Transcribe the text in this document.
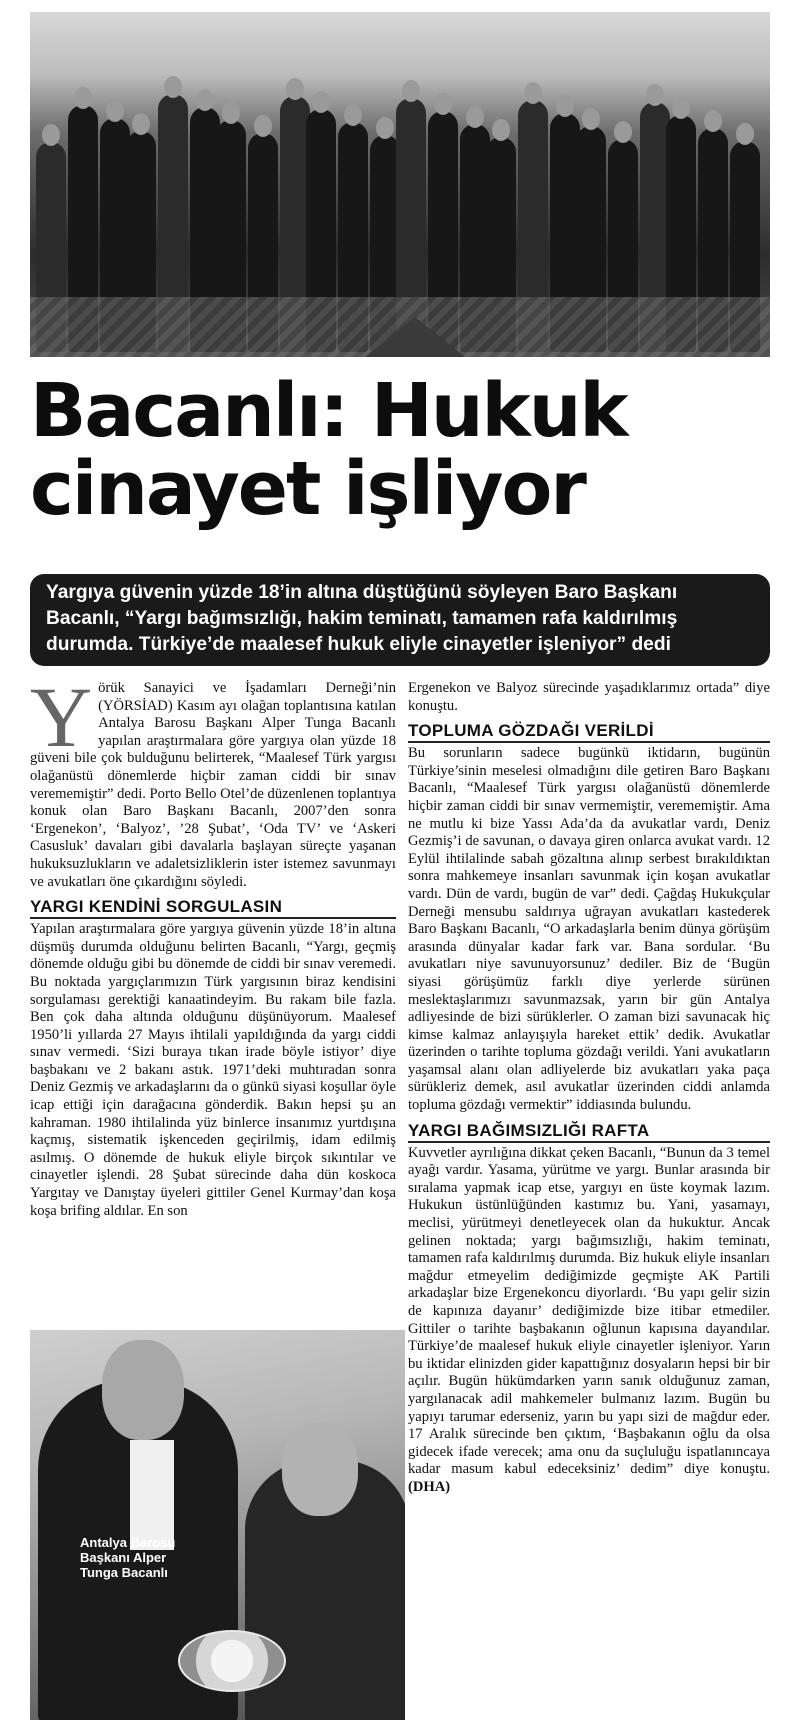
Bacanlı: Hukuk
cinayet işliyor
Yargıya güvenin yüzde 18’in altına düştüğünü söyleyen Baro Başkanı Bacanlı, “Yargı bağımsızlığı, hakim teminatı, tamamen rafa kaldırılmış durumda. Türkiye’de maalesef hukuk eliyle cinayetler işleniyor” dedi

Yörük Sanayici ve İşadamları Derneği’nin (YÖRSİAD) Kasım ayı olağan toplantısına katılan Antalya Barosu Başkanı Alper Tunga Bacanlı yapılan araştırmalara göre yargıya olan yüzde 18 güveni bile çok bulduğunu belirterek, “Maalesef Türk yargısı olağanüstü dönemlerde hiçbir zaman ciddi bir sınav verememiştir” dedi. Porto Bello Otel’de düzenlenen toplantıya konuk olan Baro Başkanı Bacanlı, 2007’den sonra ‘Ergenekon’, ‘Balyoz’, ’28 Şubat’, ‘Oda TV’ ve ‘Askeri Casusluk’ davaları gibi davalarla başlayan süreçte yaşanan hukuksuzlukların ve adaletsizliklerin ister istemez savunmayı ve avukatları öne çıkardığını söyledi.

YARGI KENDİNİ SORGULASIN

Yapılan araştırmalara göre yargıya güvenin yüzde 18’in altına düşmüş durumda olduğunu belirten Bacanlı, “Yargı, geçmiş dönemde olduğu gibi bu dönemde de ciddi bir sınav veremedi. Bu noktada yargıçlarımızın Türk yargısının biraz kendisini sorgulaması gerektiği kanaatindeyim. Bu rakam bile fazla. Ben çok daha altında olduğunu düşünüyorum. Maalesef 1950’li yıllarda 27 Mayıs ihtilali yapıldığında da yargı ciddi sınav vermedi. ‘Sizi buraya tıkan irade böyle istiyor’ diye başbakanı ve 2 bakanı astık. 1971’deki muhtıradan sonra Deniz Gezmiş ve arkadaşlarını da o günkü siyasi koşullar öyle icap ettiği için darağacına gönderdik. Bakın hepsi şu an kahraman. 1980 ihtilalinda yüz binlerce insanımız yurtdışına kaçmış, sistematik işkenceden geçirilmiş, idam edilmiş asılmış. O dönemde de hukuk eliyle birçok sıkıntılar ve cinayetler işlendi. 28 Şubat sürecinde daha dün koskoca Yargıtay ve Danıştay üyeleri gittiler Genel Kurmay’dan koşa koşa brifing aldılar. En son

Ergenekon ve Balyoz sürecinde yaşadıklarımız ortada” diye konuştu.

TOPLUMA GÖZDAĞI VERİLDİ

Bu sorunların sadece bugünkü iktidarın, bugünün Türkiye’sinin meselesi olmadığını dile getiren Baro Başkanı Bacanlı, “Maalesef Türk yargısı olağanüstü dönemlerde hiçbir zaman ciddi bir sınav vermemiştir, verememiştir. Ama ne mutlu ki bize Yassı Ada’da da avukatlar vardı, Deniz Gezmiş’i de savunan, o davaya giren onlarca avukat vardı. 12 Eylül ihtilalinde sabah gözaltına alınıp serbest bırakıldıktan sonra mahkemeye insanları savunmak için koşan avukatlar vardı. Dün de vardı, bugün de var” dedi. Çağdaş Hukukçular Derneği mensubu saldırıya uğrayan avukatları kastederek Baro Başkanı Bacanlı, “O arkadaşlarla benim dünya görüşüm arasında dünyalar kadar fark var. Bana sordular. ‘Bu avukatları niye savunuyorsunuz’ dediler. Biz de ‘Bugün siyasi görüşümüz farklı diye yerlerde sürünen meslektaşlarımızı savunmazsak, yarın bir gün Antalya adliyesinde de bizi sürüklerler. O zaman bizi savunacak hiç kimse kalmaz anlayışıyla hareket ettik’ dedik. Avukatlar üzerinden o tarihte topluma gözdağı verildi. Yani avukatların yaşamsal alanı olan adliyelerde biz avukatları yaka paça sürükleriz demek, asıl avukatlar üzerinden ciddi anlamda topluma gözdağı vermektir” iddiasında bulundu.

YARGI BAĞIMSIZLIĞI RAFTA

Kuvvetler ayrılığına dikkat çeken Bacanlı, “Bunun da 3 temel ayağı vardır. Yasama, yürütme ve yargı. Bunlar arasında bir sıralama yapmak icap etse, yargıyı en üste koymak lazım. Hukukun üstünlüğünden kastımız bu. Yani, yasamayı, meclisi, yürütmeyi denetleyecek olan da hukuktur. Ancak gelinen noktada; yargı bağımsızlığı, hakim teminatı, tamamen rafa kaldırılmış durumda. Biz hukuk eliyle insanları mağdur etmeyelim dediğimizde geçmişte AK Partili arkadaşlar bize Ergenekoncu diyorlardı. ‘Bu yapı gelir sizin de kapınıza dayanır’ dediğimizde bize itibar etmediler. Gittiler o tarihte başbakanın oğlunun kapısına dayandılar. Türkiye’de maalesef hukuk eliyle cinayetler işleniyor. Yarın bu iktidar elinizden gider kapattığınız dosyaların hepsi bir bir açılır. Bugün hükümdarken yarın sanık olduğunuz zaman, yargılanacak adil mahkemeler bulmanız lazım. Bugün bu yapıyı tarumar ederseniz, yarın bu yapı sizi de mağdur eder. 17 Aralık sürecinde ben çıktım, ‘Başbakanın oğlu da olsa gidecek ifade verecek; ama onu da suçluluğu ispatlanıncaya kadar masum kabul edeceksiniz’ dedim” diye konuştu. (DHA)

Antalya Barosu Başkanı Alper Tunga Bacanlı
